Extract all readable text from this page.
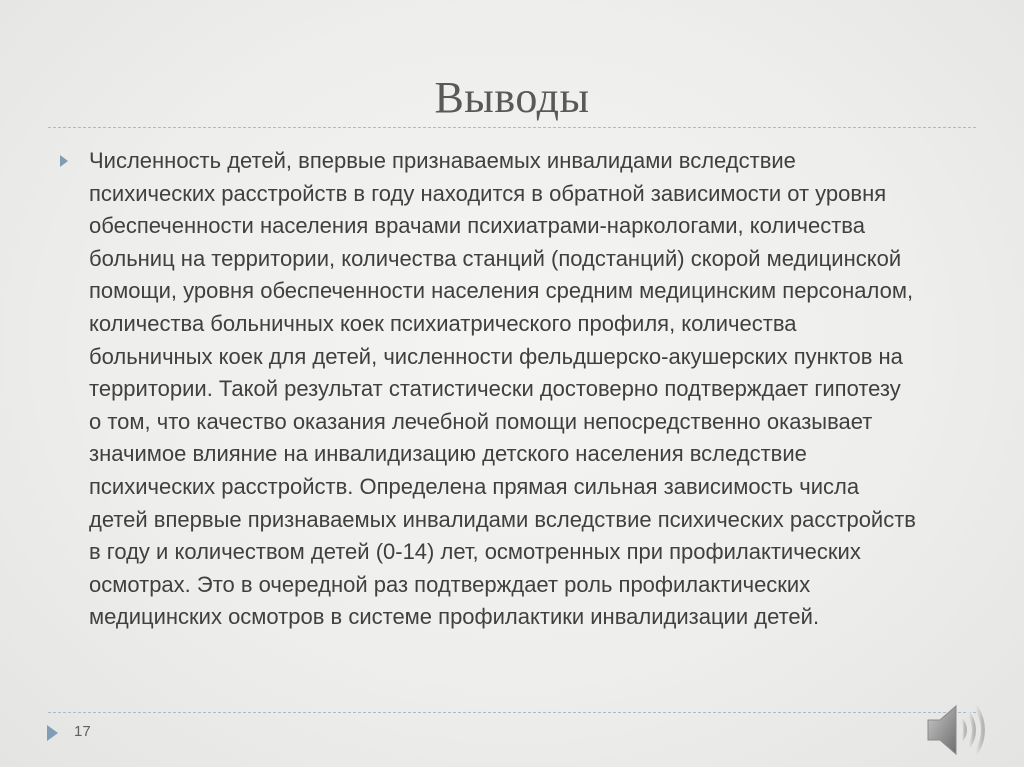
Выводы
Численность детей, впервые признаваемых инвалидами вследствие психических расстройств в году находится в обратной зависимости от уровня обеспеченности населения врачами психиатрами-наркологами, количества больниц на территории, количества станций (подстанций) скорой медицинской помощи, уровня обеспеченности населения средним медицинским персоналом, количества больничных коек психиатрического профиля, количества больничных коек для детей, численности фельдшерско-акушерских пунктов на территории. Такой результат статистически достоверно подтверждает гипотезу о том, что качество оказания лечебной помощи непосредственно оказывает значимое влияние на инвалидизацию детского населения вследствие психических расстройств. Определена прямая сильная зависимость числа детей впервые признаваемых инвалидами вследствие психических расстройств в году и количеством детей (0-14) лет, осмотренных при профилактических осмотрах. Это в очередной раз подтверждает роль профилактических медицинских осмотров в системе профилактики инвалидизации детей.
17
